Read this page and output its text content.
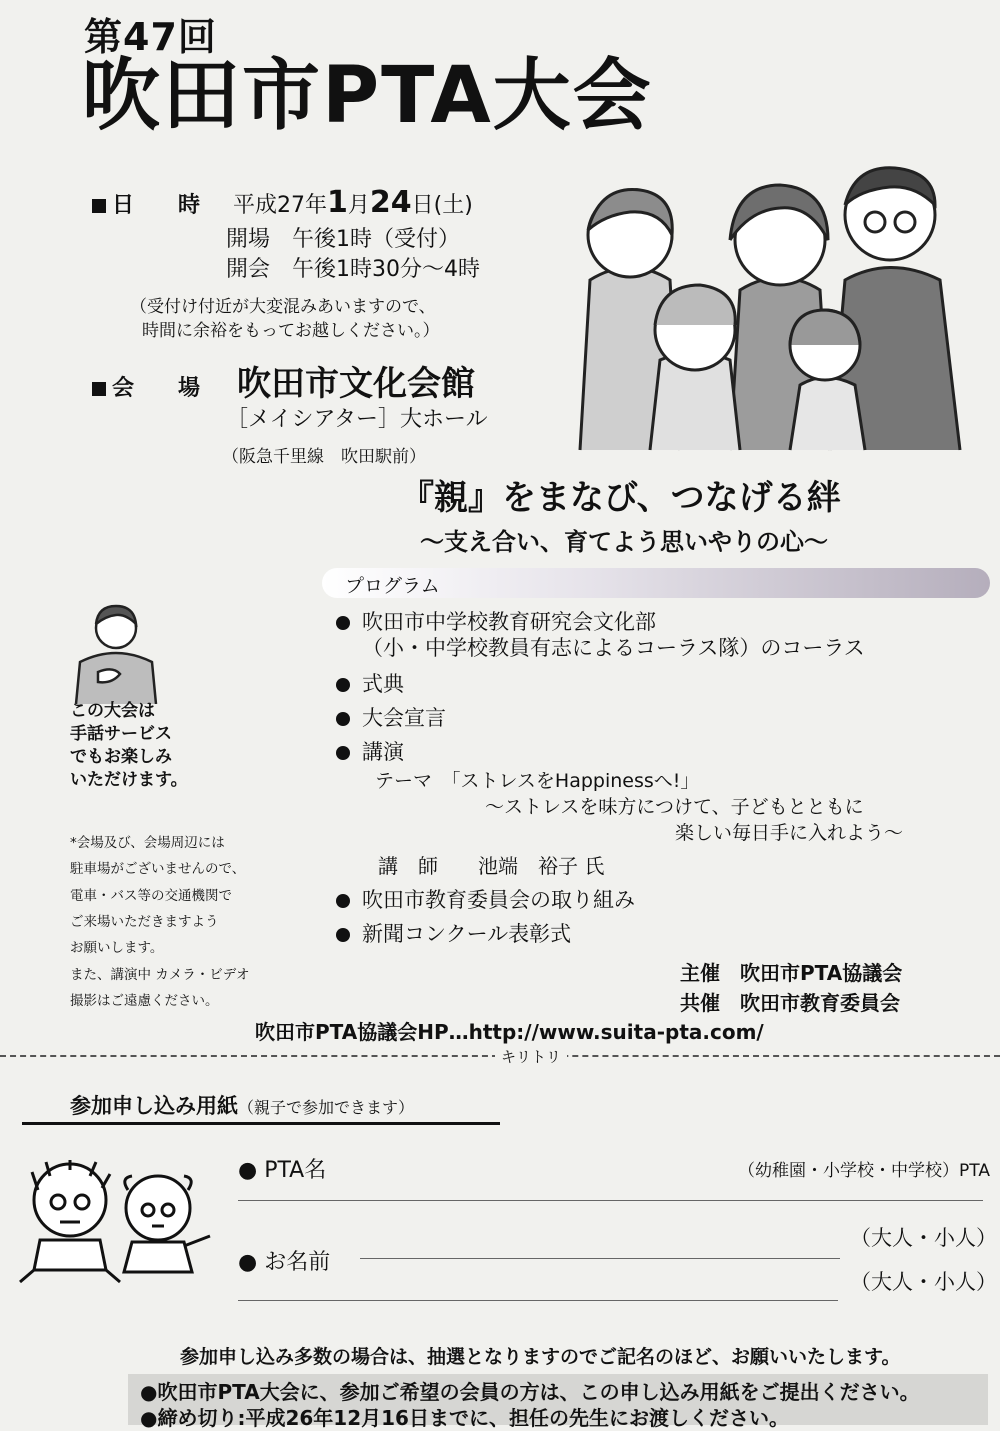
第47回
吹田市PTA大会
日　　時 平成27年1月24日(土)
開場　午後1時（受付）
開会　午後1時30分～4時
（受付け付近が大変混みあいますので、
時間に余裕をもってお越しください。）
会　　場 吹田市文化会館
［メイシアター］大ホール
（阪急千里線　吹田駅前）
『親』をまなび、つなげる絆
～支え合い、育てよう思いやりの心～
プログラム
吹田市中学校教育研究会文化部
（小・中学校教員有志によるコーラス隊）のコーラス
式典
大会宣言
講演
テーマ　「ストレスをHappinessへ!」
～ストレスを味方につけて、子どもとともに
楽しい毎日手に入れよう～
講　師　　池端　裕子 氏
吹田市教育委員会の取り組み
新聞コンクール表彰式
この大会は
手話サービス
でもお楽しみ
いただけます。
*会場及び、会場周辺には
駐車場がございませんので、
電車・バス等の交通機関で
ご来場いただきますよう
お願いします。
また、講演中 カメラ・ビデオ
撮影はご遠慮ください。
主催　吹田市PTA協議会
共催　吹田市教育委員会
吹田市PTA協議会HP…http://www.suita-pta.com/
キリトリ
参加申し込み用紙（親子で参加できます）
● PTA名	（幼稚園・小学校・中学校）PTA
（大人・小人）
● お名前
（大人・小人）
参加申し込み多数の場合は、抽選となりますのでご記名のほど、お願いいたします。
●吹田市PTA大会に、参加ご希望の会員の方は、この申し込み用紙をご提出ください。
●締め切り:平成26年12月16日までに、担任の先生にお渡しください。
